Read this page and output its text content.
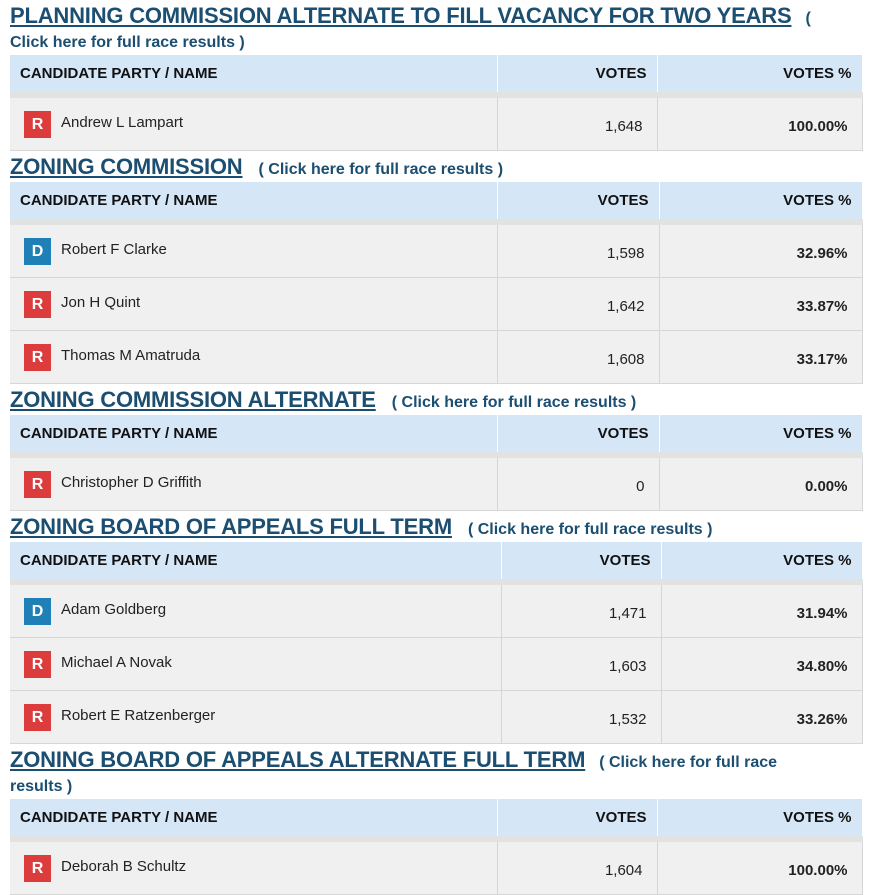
PLANNING COMMISSION ALTERNATE TO FILL VACANCY FOR TWO YEARS (
Click here for full race results )
CANDIDATE PARTY / NAME	VOTES	VOTES %

R Andrew L Lampart	1,648	100.00%
ZONING COMMISSION ( Click here for full race results )
CANDIDATE PARTY / NAME	VOTES	VOTES %

D Robert F Clarke	1,598	32.96%

R Jon H Quint	1,642	33.87%

R Thomas M Amatruda	1,608	33.17%
ZONING COMMISSION ALTERNATE ( Click here for full race results )
CANDIDATE PARTY / NAME	VOTES	VOTES %

R Christopher D Griffith	0	0.00%
ZONING BOARD OF APPEALS FULL TERM ( Click here for full race results )
CANDIDATE PARTY / NAME	VOTES	VOTES %

D Adam Goldberg	1,471	31.94%

R Michael A Novak	1,603	34.80%

R Robert E Ratzenberger	1,532	33.26%
ZONING BOARD OF APPEALS ALTERNATE FULL TERM ( Click here for full race
results )
CANDIDATE PARTY / NAME	VOTES	VOTES %

R Deborah B Schultz	1,604	100.00%
